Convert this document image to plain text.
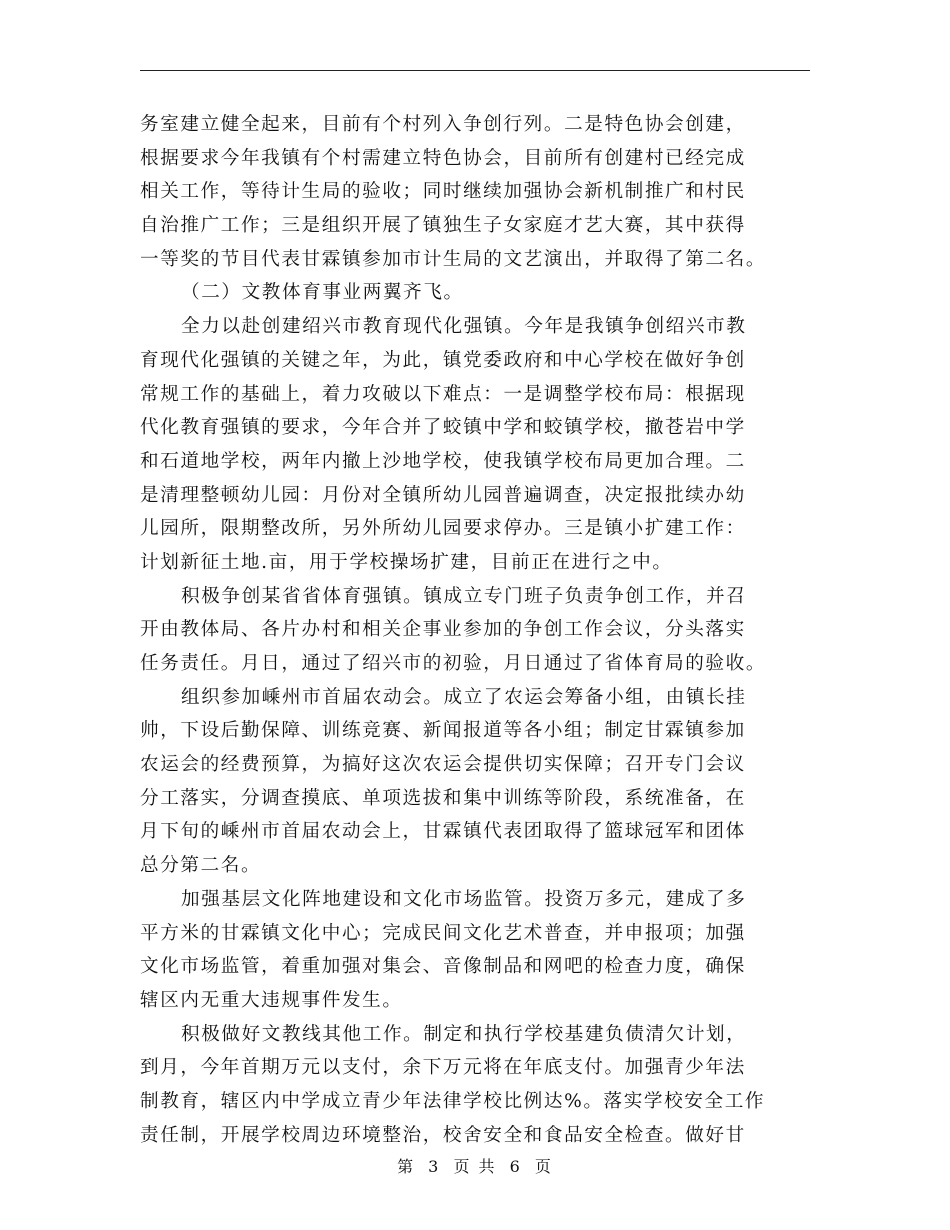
务室建立健全起来，目前有个村列入争创行列。二是特色协会创建，
根据要求今年我镇有个村需建立特色协会，目前所有创建村已经完成
相关工作，等待计生局的验收；同时继续加强协会新机制推广和村民
自治推广工作；三是组织开展了镇独生子女家庭才艺大赛，其中获得
一等奖的节目代表甘霖镇参加市计生局的文艺演出，并取得了第二名。
（二）文教体育事业两翼齐飞。
全力以赴创建绍兴市教育现代化强镇。今年是我镇争创绍兴市教
育现代化强镇的关键之年，为此，镇党委政府和中心学校在做好争创
常规工作的基础上，着力攻破以下难点：一是调整学校布局：根据现
代化教育强镇的要求，今年合并了蛟镇中学和蛟镇学校，撤苍岩中学
和石道地学校，两年内撤上沙地学校，使我镇学校布局更加合理。二
是清理整顿幼儿园：月份对全镇所幼儿园普遍调查，决定报批续办幼
儿园所，限期整改所，另外所幼儿园要求停办。三是镇小扩建工作：
计划新征土地.亩，用于学校操场扩建，目前正在进行之中。
积极争创某省省体育强镇。镇成立专门班子负责争创工作，并召
开由教体局、各片办村和相关企事业参加的争创工作会议，分头落实
任务责任。月日，通过了绍兴市的初验，月日通过了省体育局的验收。
组织参加嵊州市首届农动会。成立了农运会筹备小组，由镇长挂
帅，下设后勤保障、训练竞赛、新闻报道等各小组；制定甘霖镇参加
农运会的经费预算，为搞好这次农运会提供切实保障；召开专门会议
分工落实，分调查摸底、单项选拔和集中训练等阶段，系统准备，在
月下旬的嵊州市首届农动会上，甘霖镇代表团取得了篮球冠军和团体
总分第二名。
加强基层文化阵地建设和文化市场监管。投资万多元，建成了多
平方米的甘霖镇文化中心；完成民间文化艺术普查，并申报项；加强
文化市场监管，着重加强对集会、音像制品和网吧的检查力度，确保
辖区内无重大违规事件发生。
积极做好文教线其他工作。制定和执行学校基建负债清欠计划，
到月，今年首期万元以支付，余下万元将在年底支付。加强青少年法
制教育，辖区内中学成立青少年法律学校比例达%。落实学校安全工作
责任制，开展学校周边环境整治，校舍安全和食品安全检查。做好甘
第 3 页 共 6 页
